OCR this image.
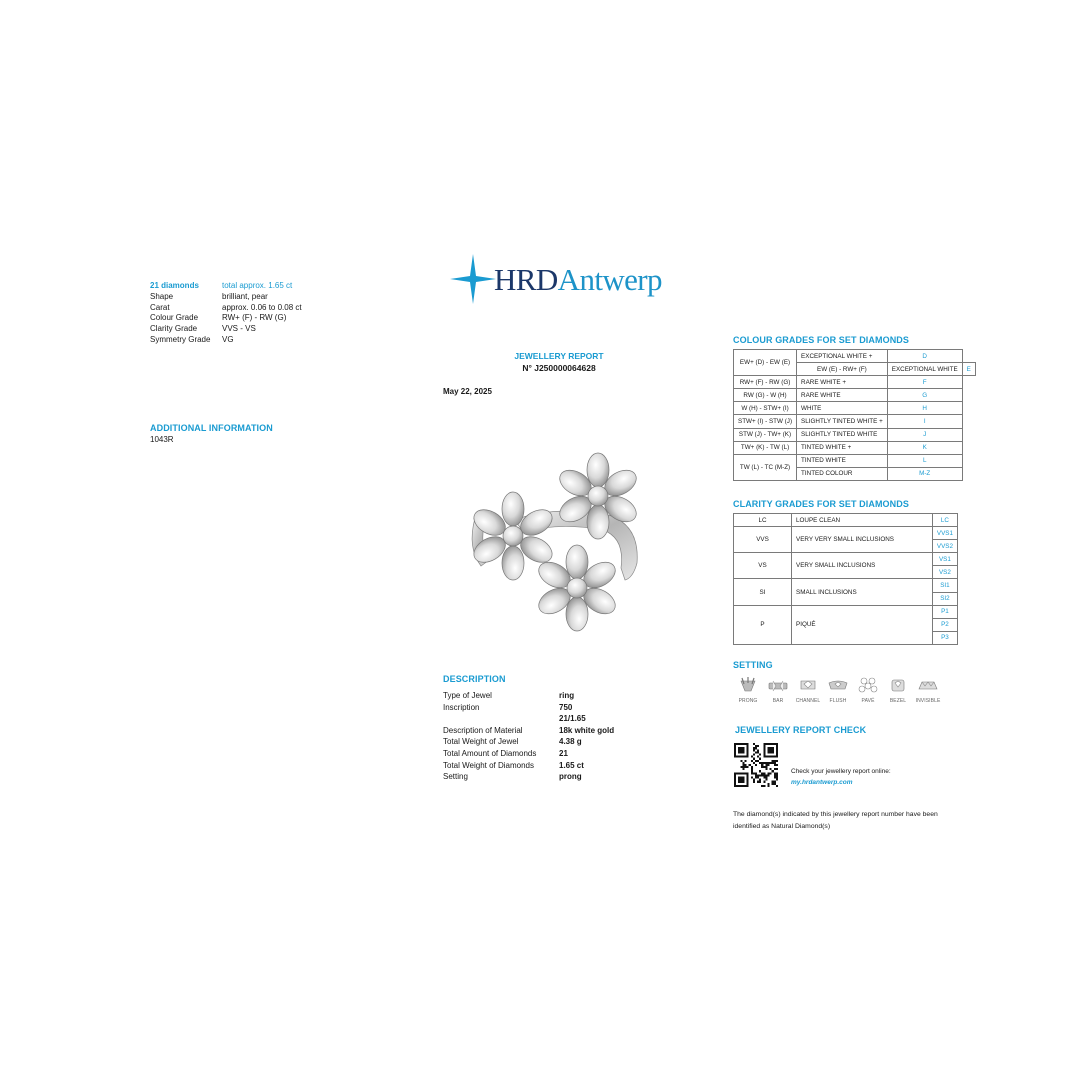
21 diamonds	total approx. 1.65 ct
Shape	brilliant, pear
Carat	approx. 0.06 to 0.08 ct
Colour Grade	RW+ (F) - RW (G)
Clarity Grade	VVS - VS
Symmetry Grade	VG
ADDITIONAL INFORMATION
1043R
HRDAntwerp
JEWELLERY REPORT
N° J250000064628
May 22, 2025
DESCRIPTION
Type of Jewel	ring
Inscription	750
21/1.65
Description of Material	18k white gold
Total Weight of Jewel	4.38 g
Total Amount of Diamonds	21
Total Weight of Diamonds	1.65 ct
Setting	prong
COLOUR GRADES FOR SET DIAMONDS
EW+ (D) - EW (E)	EXCEPTIONAL WHITE +	D	
	EW (E) - RW+ (F)	EXCEPTIONAL WHITE	E
RW+ (F) - RW (G)	RARE WHITE +	F	
RW (G) - W (H)	RARE WHITE	G	
W (H) - STW+ (I)	WHITE	H	
STW+ (I) - STW (J)	SLIGHTLY TINTED WHITE +	I	
STW (J) - TW+ (K)	SLIGHTLY TINTED WHITE	J	
TW+ (K) - TW (L)	TINTED WHITE +	K	
TW (L) - TC (M-Z)	TINTED WHITE	L	
	TINTED COLOUR	M-Z	
CLARITY GRADES FOR SET DIAMONDS
LC	LOUPE CLEAN	LC
VVS	VERY VERY SMALL INCLUSIONS	VVS1
		VVS2
VS	VERY SMALL INCLUSIONS	VS1
		VS2
SI	SMALL INCLUSIONS	SI1
		SI2
P	PIQUÉ	P1
		P2
		P3
SETTING
PRONG	BAR CHANNEL FLUSH	PAVÉ	BEZEL INVISIBLE
JEWELLERY REPORT CHECK
Check your jewellery report online:
my.hrdantwerp.com
The diamond(s) indicated by this jewellery report number have been identified as Natural Diamond(s)
